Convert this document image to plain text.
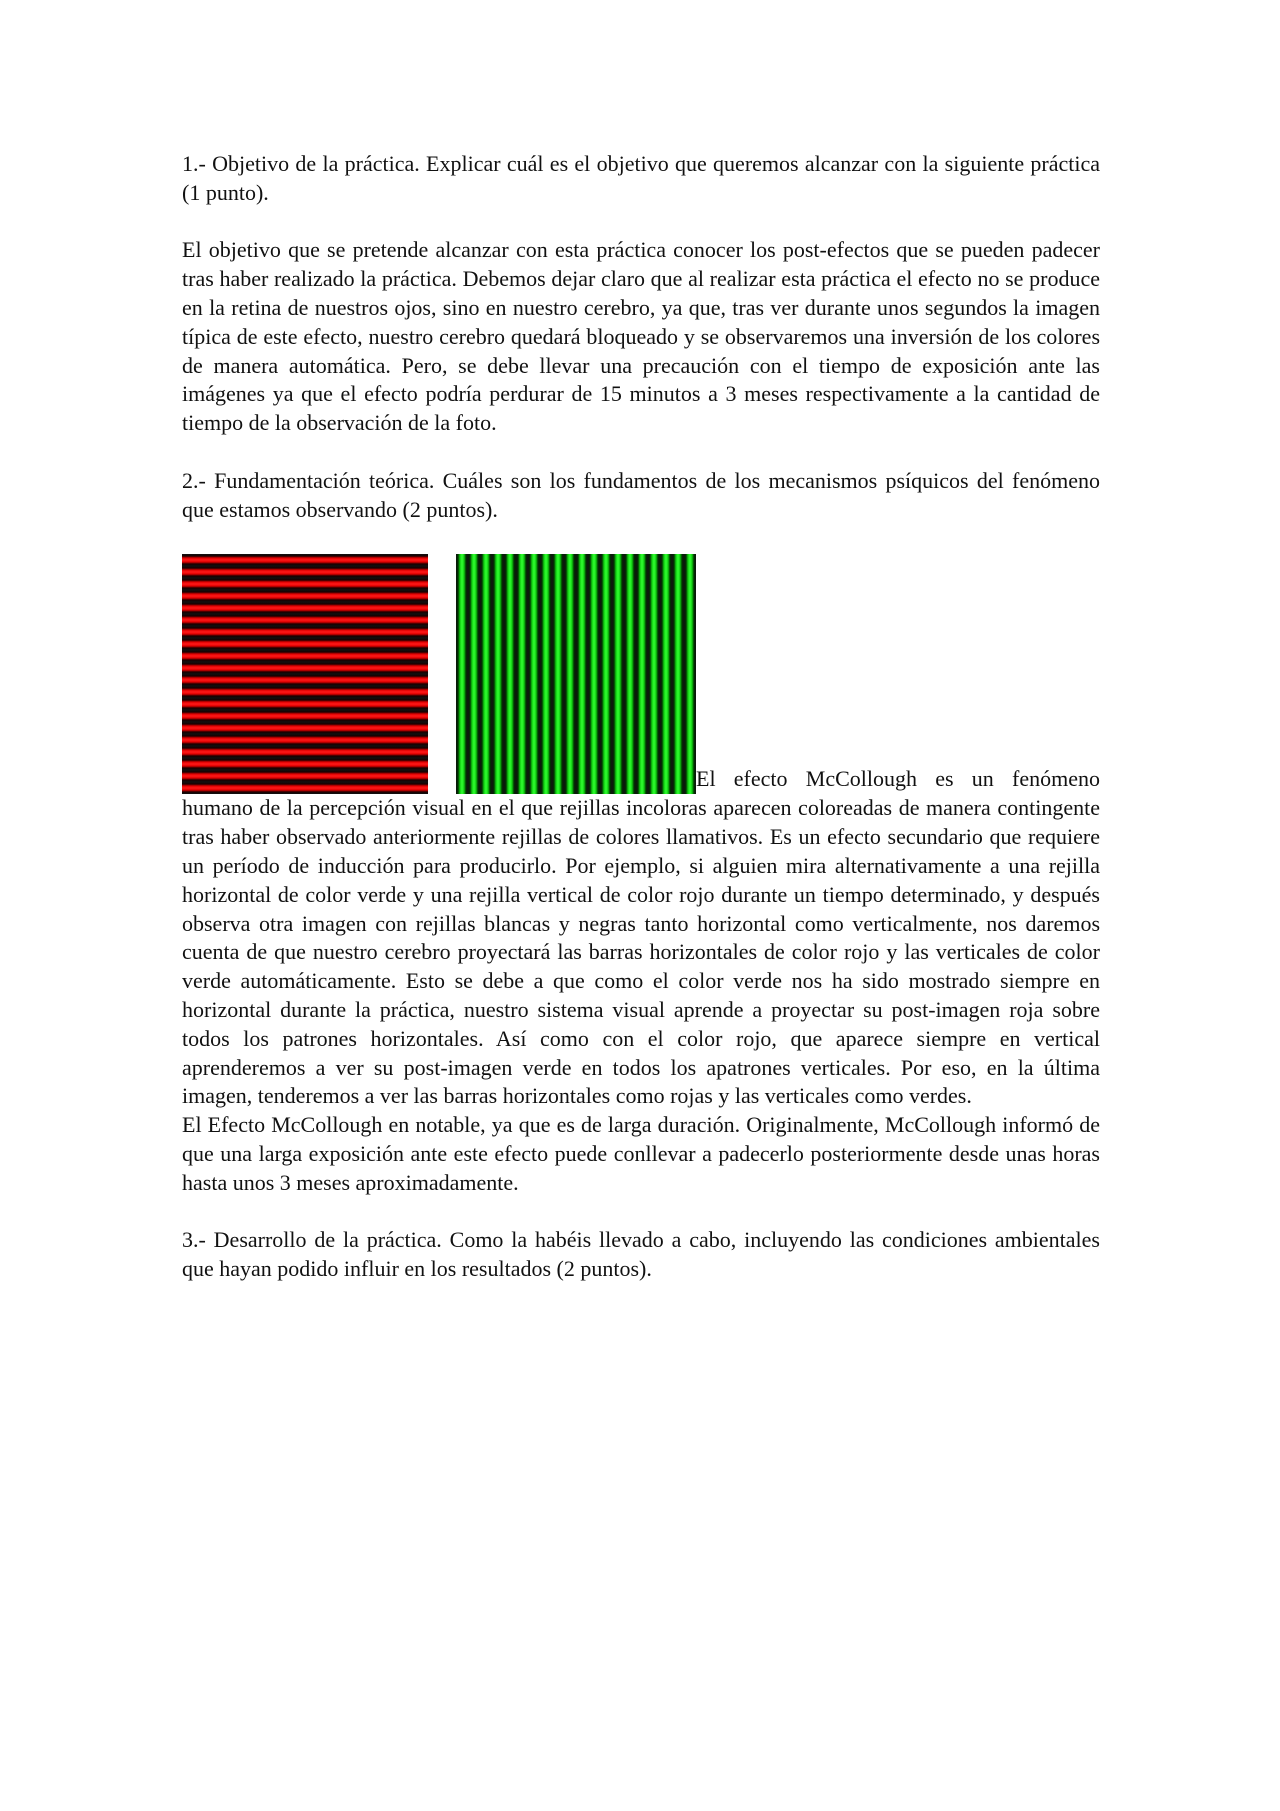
1.- Objetivo de la práctica. Explicar cuál es el objetivo que queremos alcanzar con la siguiente práctica (1 punto).

El objetivo que se pretende alcanzar con esta práctica conocer los post-efectos que se pueden padecer tras haber realizado la práctica. Debemos dejar claro que al realizar esta práctica el efecto no se produce en la retina de nuestros ojos, sino en nuestro cerebro, ya que, tras ver durante unos segundos la imagen típica de este efecto, nuestro cerebro quedará bloqueado y se observaremos una inversión de los colores de manera automática. Pero, se debe llevar una precaución con el tiempo de exposición ante las imágenes ya que el efecto podría perdurar de 15 minutos a 3 meses respectivamente a la cantidad de tiempo de la observación de la foto.

2.- Fundamentación teórica. Cuáles son los fundamentos de los mecanismos psíquicos del fenómeno que estamos observando (2 puntos).

El efecto McCollough es un fenómeno humano de la percepción visual en el que rejillas incoloras aparecen coloreadas de manera contingente tras haber observado anteriormente rejillas de colores llamativos. Es un efecto secundario que requiere un período de inducción para producirlo. Por ejemplo, si alguien mira alternativamente a una rejilla horizontal de color verde y una rejilla vertical de color rojo durante un tiempo determinado, y después observa otra imagen con rejillas blancas y negras tanto horizontal como verticalmente, nos daremos cuenta de que nuestro cerebro proyectará las barras horizontales de color rojo y las verticales de color verde automáticamente. Esto se debe a que como el color verde nos ha sido mostrado siempre en horizontal durante la práctica, nuestro sistema visual aprende a proyectar su post-imagen roja sobre todos los patrones horizontales. Así como con el color rojo, que aparece siempre en vertical aprenderemos a ver su post-imagen verde en todos los apatrones verticales. Por eso, en la última imagen, tenderemos a ver las barras horizontales como rojas y las verticales como verdes.

El Efecto McCollough en notable, ya que es de larga duración. Originalmente, McCollough informó de que una larga exposición ante este efecto puede conllevar a padecerlo posteriormente desde unas horas hasta unos 3 meses aproximadamente.

3.- Desarrollo de la práctica. Como la habéis llevado a cabo, incluyendo las condiciones ambientales que hayan podido influir en los resultados (2 puntos).
